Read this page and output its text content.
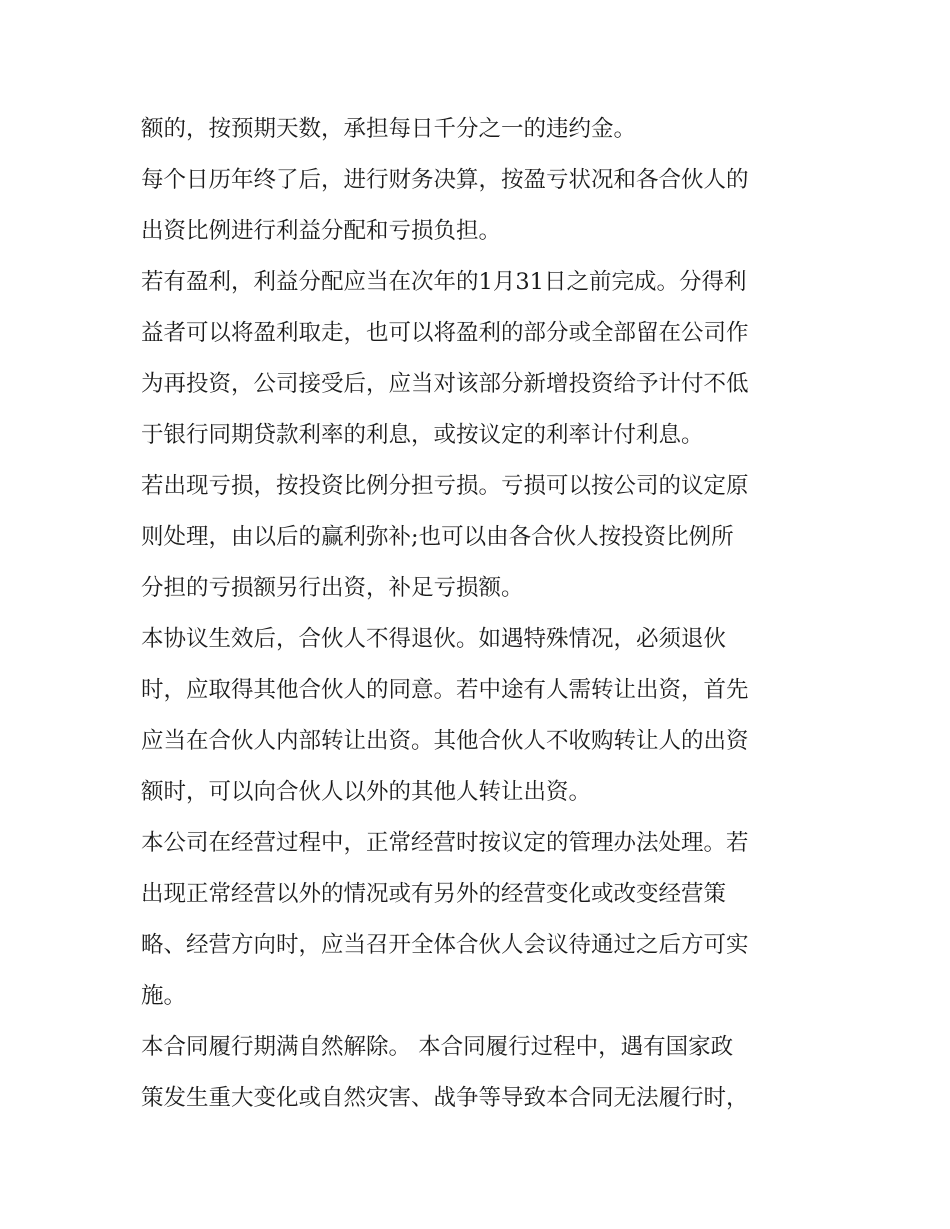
额的，按预期天数，承担每日千分之一的违约金。
每个日历年终了后，进行财务决算，按盈亏状况和各合伙人的
出资比例进行利益分配和亏损负担。
若有盈利，利益分配应当在次年的1月31日之前完成。分得利
益者可以将盈利取走，也可以将盈利的部分或全部留在公司作
为再投资，公司接受后，应当对该部分新增投资给予计付不低
于银行同期贷款利率的利息，或按议定的利率计付利息。
若出现亏损，按投资比例分担亏损。亏损可以按公司的议定原
则处理，由以后的赢利弥补;也可以由各合伙人按投资比例所
分担的亏损额另行出资，补足亏损额。
本协议生效后，合伙人不得退伙。如遇特殊情况，必须退伙
时，应取得其他合伙人的同意。若中途有人需转让出资，首先
应当在合伙人内部转让出资。其他合伙人不收购转让人的出资
额时，可以向合伙人以外的其他人转让出资。
本公司在经营过程中，正常经营时按议定的管理办法处理。若
出现正常经营以外的情况或有另外的经营变化或改变经营策
略、经营方向时，应当召开全体合伙人会议待通过之后方可实
施。
本合同履行期满自然解除。 本合同履行过程中，遇有国家政
策发生重大变化或自然灾害、战争等导致本合同无法履行时，
